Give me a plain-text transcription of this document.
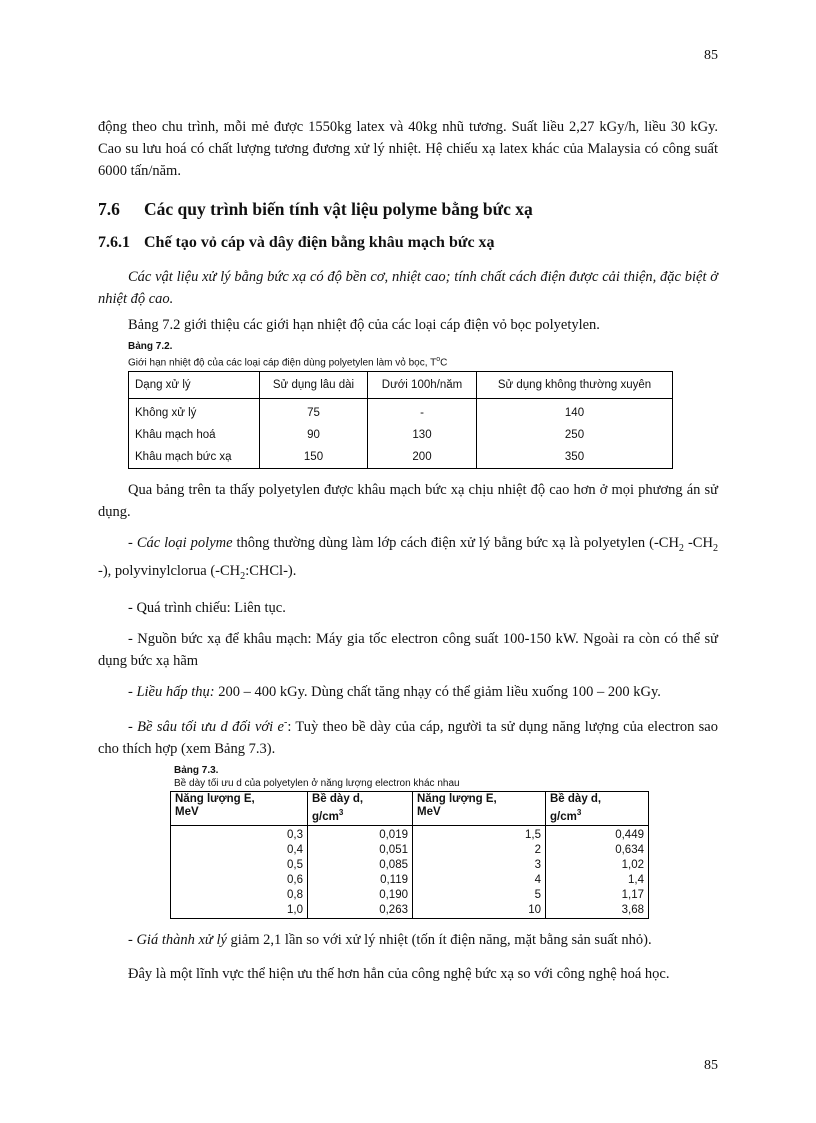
85

động theo chu trình, mỗi mẻ được 1550kg latex và 40kg nhũ tương. Suất liều 2,27 kGy/h, liều 30 kGy. Cao su lưu hoá có chất lượng tương đương xử lý nhiệt. Hệ chiếu xạ latex khác của Malaysia có công suất 6000 tấn/năm.

7.6 Các quy trình biến tính vật liệu polyme bằng bức xạ
7.6.1 Chế tạo vỏ cáp và dây điện bằng khâu mạch bức xạ

Các vật liệu xử lý bằng bức xạ có độ bền cơ, nhiệt cao; tính chất cách điện được cải thiện, đặc biệt ở nhiệt độ cao.

Bảng 7.2 giới thiệu các giới hạn nhiệt độ của các loại cáp điện vỏ bọc polyetylen.

Bảng 7.2.
Giới hạn nhiệt độ của các loại cáp điện dùng polyetylen làm vỏ bọc, $T^oC$
Dạng xử lý	Sử dụng lâu dài	Dưới 100h/năm	Sử dụng không thường xuyên
Không xử lý	75	-	140
Khâu mạch hoá	90	130	250
Khâu mạch bức xạ	150	200	350

Qua bảng trên ta thấy polyetylen được khâu mạch bức xạ chịu nhiệt độ cao hơn ở mọi phương án sử dụng.

- Các loại polyme thông thường dùng làm lớp cách điện xử lý bằng bức xạ là polyetylen ($-CH_2$ $-CH_2$ -), polyvinylclorua $(-CH_2:CHCl-)$.

- Quá trình chiếu: Liên tục.

- Nguồn bức xạ để khâu mạch: Máy gia tốc electron công suất 100-150 kW. Ngoài ra còn có thể sử dụng bức xạ hãm

- Liều hấp thụ: 200 – 400 kGy. Dùng chất tăng nhạy có thể giảm liều xuống 100 – 200 kGy.

- Bề sâu tối ưu d đối với e-: Tuỳ theo bề dày của cáp, người ta sử dụng năng lượng của electron sao cho thích hợp (xem Bảng 7.3).

Bảng 7.3.
Bề dày tối ưu d của polyetylen ở năng lượng electron khác nhau
Năng lượng E,
MeV	Bề dày d,
$g/cm^3$	Năng lượng E,
MeV	Bề dày d,
$g/cm^3$
0,3	0,019	1,5	0,449
0,4	0,051	2	0,634
0,5	0,085	3	1,02
0,6	0,119	4	1,4
0,8	0,190	5	1,17
1,0	0,263	10	3,68

- Giá thành xử lý giảm 2,1 lần so với xử lý nhiệt (tốn ít điện năng, mặt bằng sản suất nhỏ).

Đây là một lĩnh vực thể hiện ưu thế hơn hẳn của công nghệ bức xạ so với công nghệ hoá học.

85
